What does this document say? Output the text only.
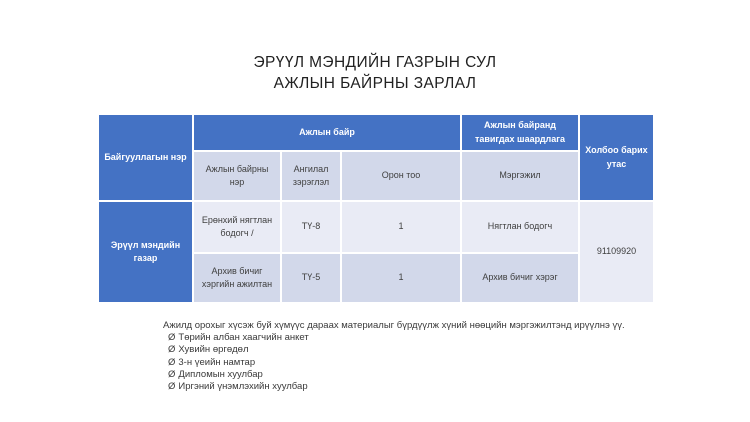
ЭРҮҮЛ МЭНДИЙН ГАЗРЫН СУЛ
АЖЛЫН БАЙРНЫ ЗАРЛАЛ
Байгууллагын нэр	Ажлын байр			Ажлын байранд тавигдах шаардлага	Холбоо барих утас
	Ажлын байрны нэр	Ангилал зэрэглэл	Орон тоо	Мэргэжил	
Эрүүл мэндийн газар	Ерөнхий нягтлан бодогч /	ТҮ-8	1	Нягтлан бодогч	91109920
	Архив бичиг хэргийн ажилтан	ТҮ-5	1	Архив бичиг хэрэг	
Ажилд орохыг хүсэж буй хүмүүс дараах материалыг бүрдүүлж хүний нөөцийн мэргэжилтэнд ирүүлнэ үү.
Ø Төрийн албан хаагчийн анкет
Ø Хувийн өргөдөл
Ø 3-н үеийн намтар
Ø Дипломын хуулбар
Ø Иргэний үнэмлэхийн хуулбар
